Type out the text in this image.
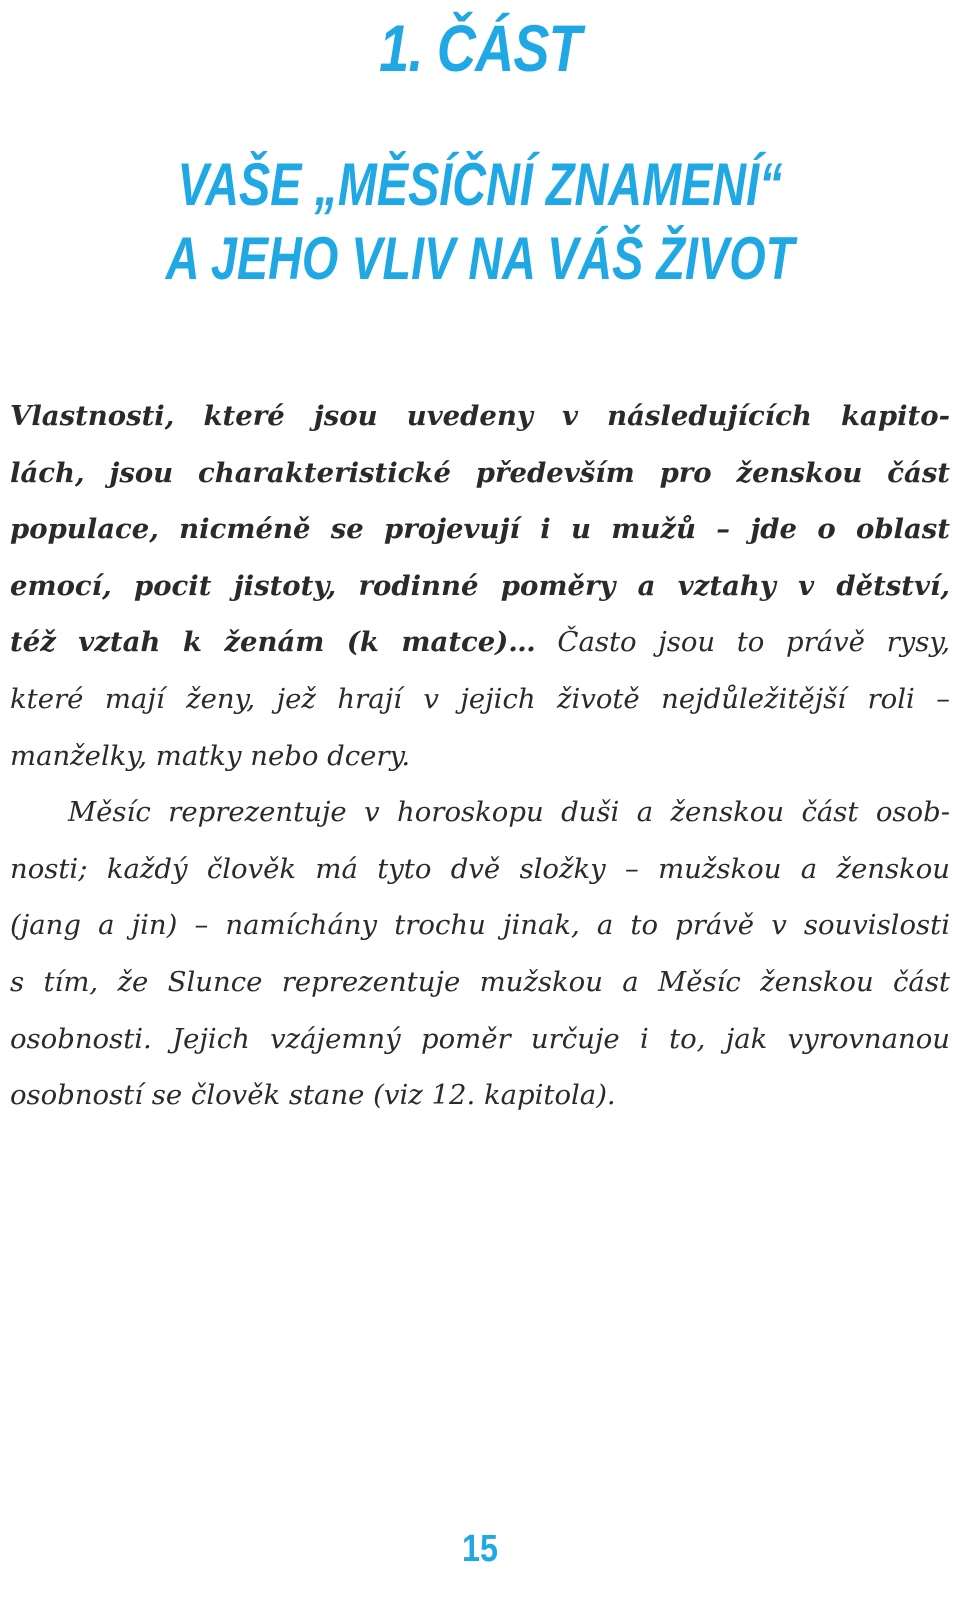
1. ČÁST
VAŠE „MĚSÍČNÍ ZNAMENÍ“
A JEHO VLIV NA VÁŠ ŽIVOT
Vlastnosti, které jsou uvedeny v následujících kapito-
lách, jsou charakteristické především pro ženskou část
populace, nicméně se projevují i u mužů – jde o oblast
emocí, pocit jistoty, rodinné poměry a vztahy v dětství,
též vztah k ženám (k matce)… Často jsou to právě rysy,
které mají ženy, jež hrají v jejich životě nejdůležitější roli –
manželky, matky nebo dcery.
Měsíc reprezentuje v horoskopu duši a ženskou část osob-
nosti; každý člověk má tyto dvě složky – mužskou a ženskou
(jang a jin) – namíchány trochu jinak, a to právě v souvislosti
s tím, že Slunce reprezentuje mužskou a Měsíc ženskou část
osobnosti. Jejich vzájemný poměr určuje i to, jak vyrovnanou
osobností se člověk stane (viz 12. kapitola).
15
